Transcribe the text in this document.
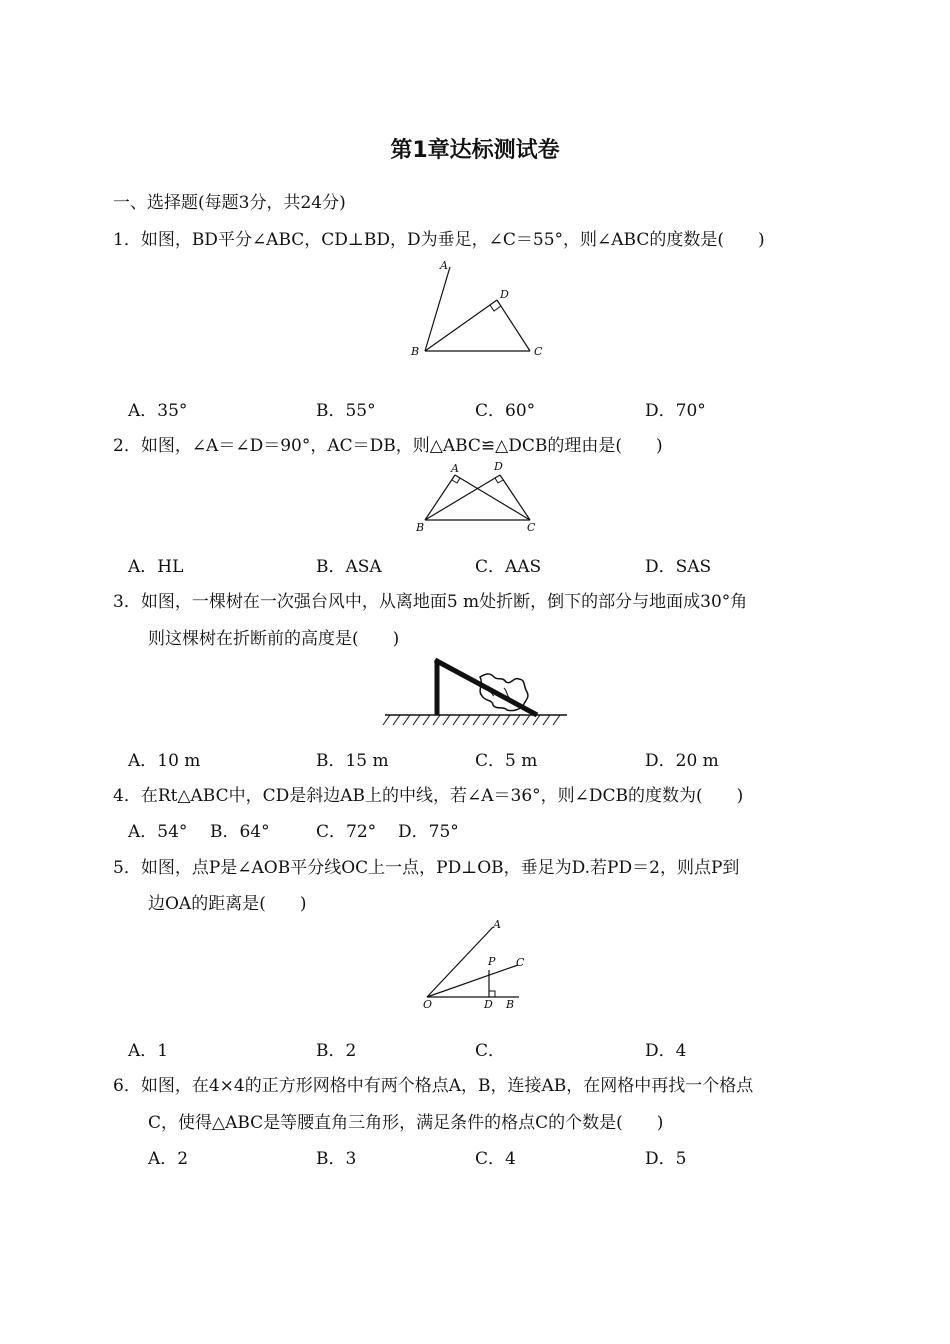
第1章达标测试卷
一、选择题(每题3分，共24分)
1．如图，BD平分∠ABC，CD⊥BD，D为垂足，∠C＝55°，则∠ABC的度数是(　　)
A
D
B	C
A．35°	B．55°	C．60°	D．70°
2．如图，∠A＝∠D＝90°，AC＝DB，则△ABC≌△DCB的理由是(　　)
A	D
B	C
A．HL	B．ASA	C．AAS	D．SAS
3．如图，一棵树在一次强台风中，从离地面5 m处折断，倒下的部分与地面成30°角
则这棵树在折断前的高度是(　　)
A．10 m	B．15 m	C．5 m	D．20 m
4．在Rt△ABC中，CD是斜边AB上的中线，若∠A＝36°，则∠DCB的度数为(　　)
A．54° B．64°	C．72° D．75°
5．如图，点P是∠AOB平分线OC上一点，PD⊥OB，垂足为D.若PD＝2，则点P到
边OA的距离是(　　)
A
P C
O	D B
A．1	B．2	C．	D．4
6．如图，在4×4的正方形网格中有两个格点A，B，连接AB，在网格中再找一个格点
C，使得△ABC是等腰直角三角形，满足条件的格点C的个数是(　　)
A．2	B．3	C．4	D．5
